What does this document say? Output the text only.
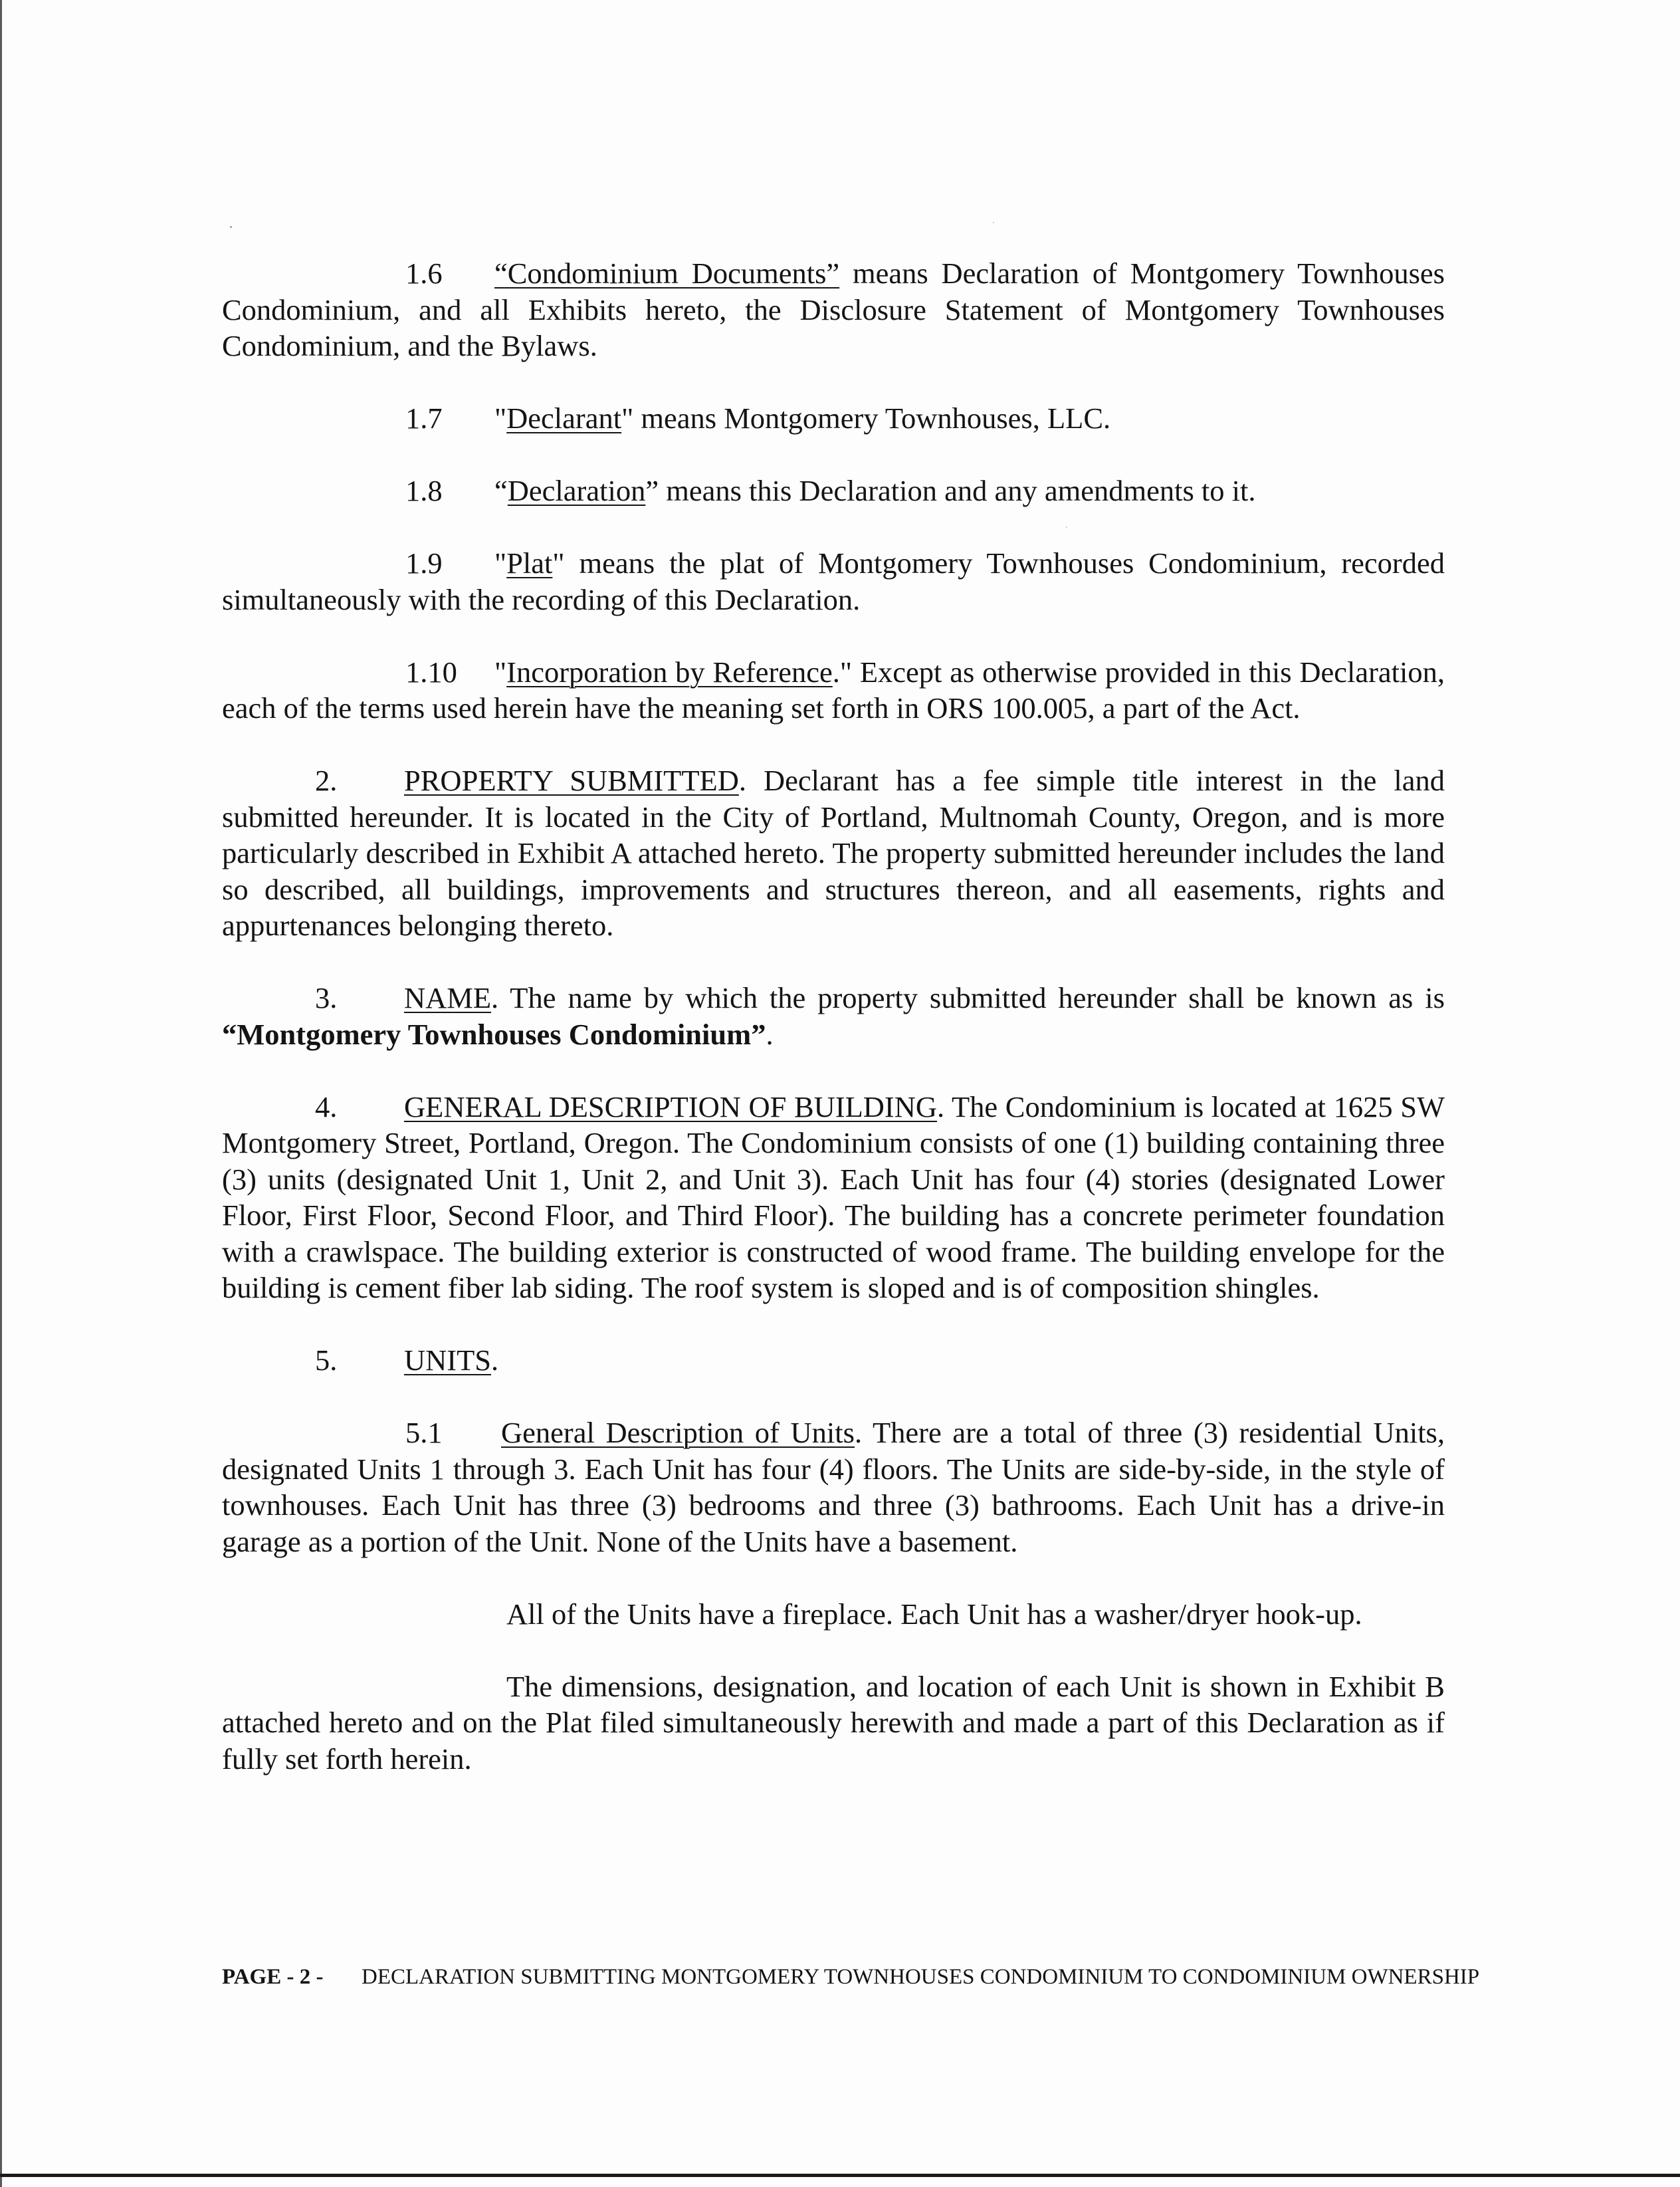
1.6 “Condominium Documents” means Declaration of Montgomery Townhouses Condominium, and all Exhibits hereto, the Disclosure Statement of Montgomery Townhouses Condominium, and the Bylaws.

1.7 "Declarant" means Montgomery Townhouses, LLC.

1.8 “Declaration” means this Declaration and any amendments to it.

1.9 "Plat" means the plat of Montgomery Townhouses Condominium, recorded simultaneously with the recording of this Declaration.

1.10 "Incorporation by Reference." Except as otherwise provided in this Declaration, each of the terms used herein have the meaning set forth in ORS 100.005, a part of the Act.

2. PROPERTY SUBMITTED. Declarant has a fee simple title interest in the land submitted hereunder. It is located in the City of Portland, Multnomah County, Oregon, and is more particularly described in Exhibit A attached hereto. The property submitted hereunder includes the land so described, all buildings, improvements and structures thereon, and all easements, rights and appurtenances belonging thereto.

3. NAME. The name by which the property submitted hereunder shall be known as is “Montgomery Townhouses Condominium”.

4. GENERAL DESCRIPTION OF BUILDING. The Condominium is located at 1625 SW Montgomery Street, Portland, Oregon. The Condominium consists of one (1) building containing three (3) units (designated Unit 1, Unit 2, and Unit 3). Each Unit has four (4) stories (designated Lower Floor, First Floor, Second Floor, and Third Floor). The building has a concrete perimeter foundation with a crawlspace. The building exterior is constructed of wood frame. The building envelope for the building is cement fiber lab siding. The roof system is sloped and is of composition shingles.

5. UNITS.

5.1 General Description of Units. There are a total of three (3) residential Units, designated Units 1 through 3. Each Unit has four (4) floors. The Units are side-by-side, in the style of townhouses. Each Unit has three (3) bedrooms and three (3) bathrooms. Each Unit has a drive-in garage as a portion of the Unit. None of the Units have a basement.

All of the Units have a fireplace. Each Unit has a washer/dryer hook-up.

The dimensions, designation, and location of each Unit is shown in Exhibit B attached hereto and on the Plat filed simultaneously herewith and made a part of this Declaration as if fully set forth herein.

PAGE - 2 - DECLARATION SUBMITTING MONTGOMERY TOWNHOUSES CONDOMINIUM TO CONDOMINIUM OWNERSHIP
